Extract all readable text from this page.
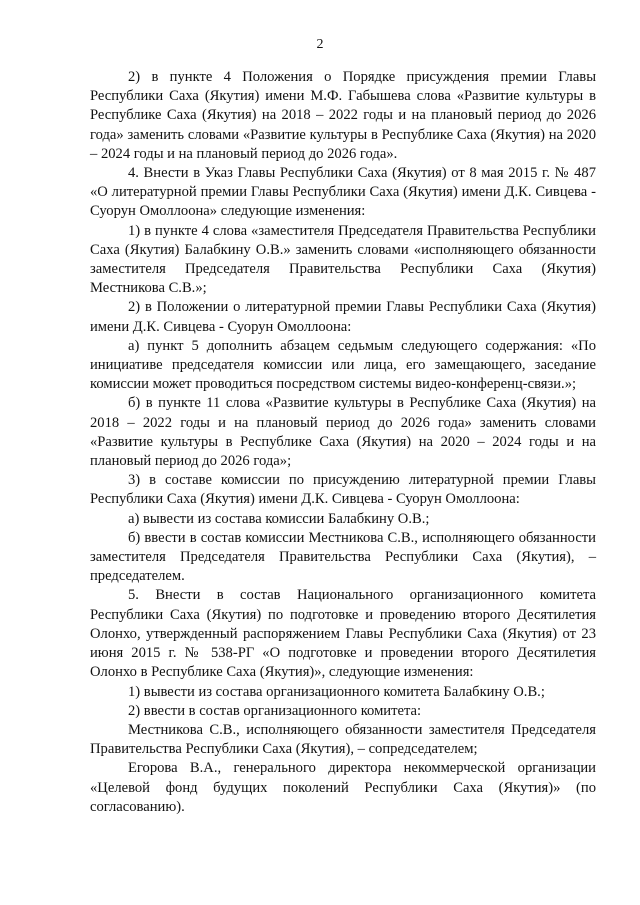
2

2) в пункте 4 Положения о Порядке присуждения премии Главы Республики Саха (Якутия) имени М.Ф. Габышева слова «Развитие культуры в Республике Саха (Якутия) на 2018 – 2022 годы и на плановый период до 2026 года» заменить словами «Развитие культуры в Республике Саха (Якутия) на 2020 – 2024 годы и на плановый период до 2026 года».

4. Внести в Указ Главы Республики Саха (Якутия) от 8 мая 2015 г. № 487 «О литературной премии Главы Республики Саха (Якутия) имени Д.К. Сивцева - Суорун Омоллоона» следующие изменения:

1) в пункте 4 слова «заместителя Председателя Правительства Республики Саха (Якутия) Балабкину О.В.» заменить словами «исполняющего обязанности заместителя Председателя Правительства Республики Саха (Якутия) Местникова С.В.»;

2) в Положении о литературной премии Главы Республики Саха (Якутия) имени Д.К. Сивцева - Суорун Омоллоона:

а) пункт 5 дополнить абзацем седьмым следующего содержания: «По инициативе председателя комиссии или лица, его замещающего, заседание комиссии может проводиться посредством системы видео-конференц-связи.»;

б) в пункте 11 слова «Развитие культуры в Республике Саха (Якутия) на 2018 – 2022 годы и на плановый период до 2026 года» заменить словами «Развитие культуры в Республике Саха (Якутия) на 2020 – 2024 годы и на плановый период до 2026 года»;

3) в составе комиссии по присуждению литературной премии Главы Республики Саха (Якутия) имени Д.К. Сивцева - Суорун Омоллоона:

а) вывести из состава комиссии Балабкину О.В.;

б) ввести в состав комиссии Местникова С.В., исполняющего обязанности заместителя Председателя Правительства Республики Саха (Якутия), – председателем.

5. Внести в состав Национального организационного комитета Республики Саха (Якутия) по подготовке и проведению второго Десятилетия Олонхо, утвержденный распоряжением Главы Республики Саха (Якутия) от 23 июня 2015 г. № 538-РГ «О подготовке и проведении второго Десятилетия Олонхо в Республике Саха (Якутия)», следующие изменения:

1) вывести из состава организационного комитета Балабкину О.В.;

2) ввести в состав организационного комитета:

Местникова С.В., исполняющего обязанности заместителя Председателя Правительства Республики Саха (Якутия), – сопредседателем;

Егорова В.А., генерального директора некоммерческой организации «Целевой фонд будущих поколений Республики Саха (Якутия)» (по согласованию).
